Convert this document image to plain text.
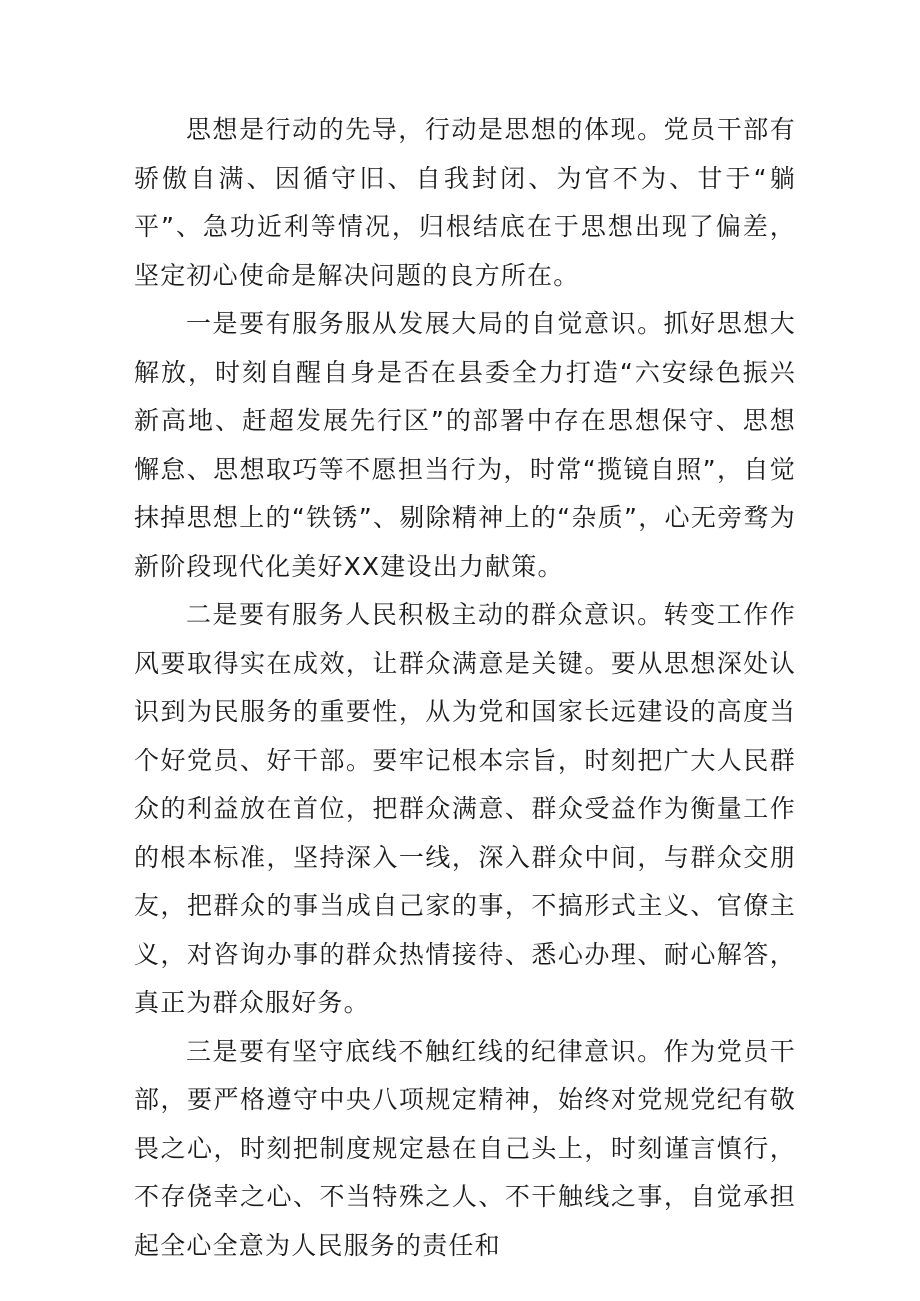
思想是行动的先导，行动是思想的体现。党员干部有骄傲自满、因循守旧、自我封闭、为官不为、甘于“躺平”、急功近利等情况，归根结底在于思想出现了偏差，坚定初心使命是解决问题的良方所在。

一是要有服务服从发展大局的自觉意识。抓好思想大解放，时刻自醒自身是否在县委全力打造“六安绿色振兴新高地、赶超发展先行区”的部署中存在思想保守、思想懈怠、思想取巧等不愿担当行为，时常“揽镜自照”，自觉抹掉思想上的“铁锈”、剔除精神上的“杂质”，心无旁骛为新阶段现代化美好XX建设出力献策。

二是要有服务人民积极主动的群众意识。转变工作作风要取得实在成效，让群众满意是关键。要从思想深处认识到为民服务的重要性，从为党和国家长远建设的高度当个好党员、好干部。要牢记根本宗旨，时刻把广大人民群众的利益放在首位，把群众满意、群众受益作为衡量工作的根本标准，坚持深入一线，深入群众中间，与群众交朋友，把群众的事当成自己家的事，不搞形式主义、官僚主义，对咨询办事的群众热情接待、悉心办理、耐心解答，真正为群众服好务。

三是要有坚守底线不触红线的纪律意识。作为党员干部，要严格遵守中央八项规定精神，始终对党规党纪有敬畏之心，时刻把制度规定悬在自己头上，时刻谨言慎行，不存侥幸之心、不当特殊之人、不干触线之事，自觉承担起全心全意为人民服务的责任和
